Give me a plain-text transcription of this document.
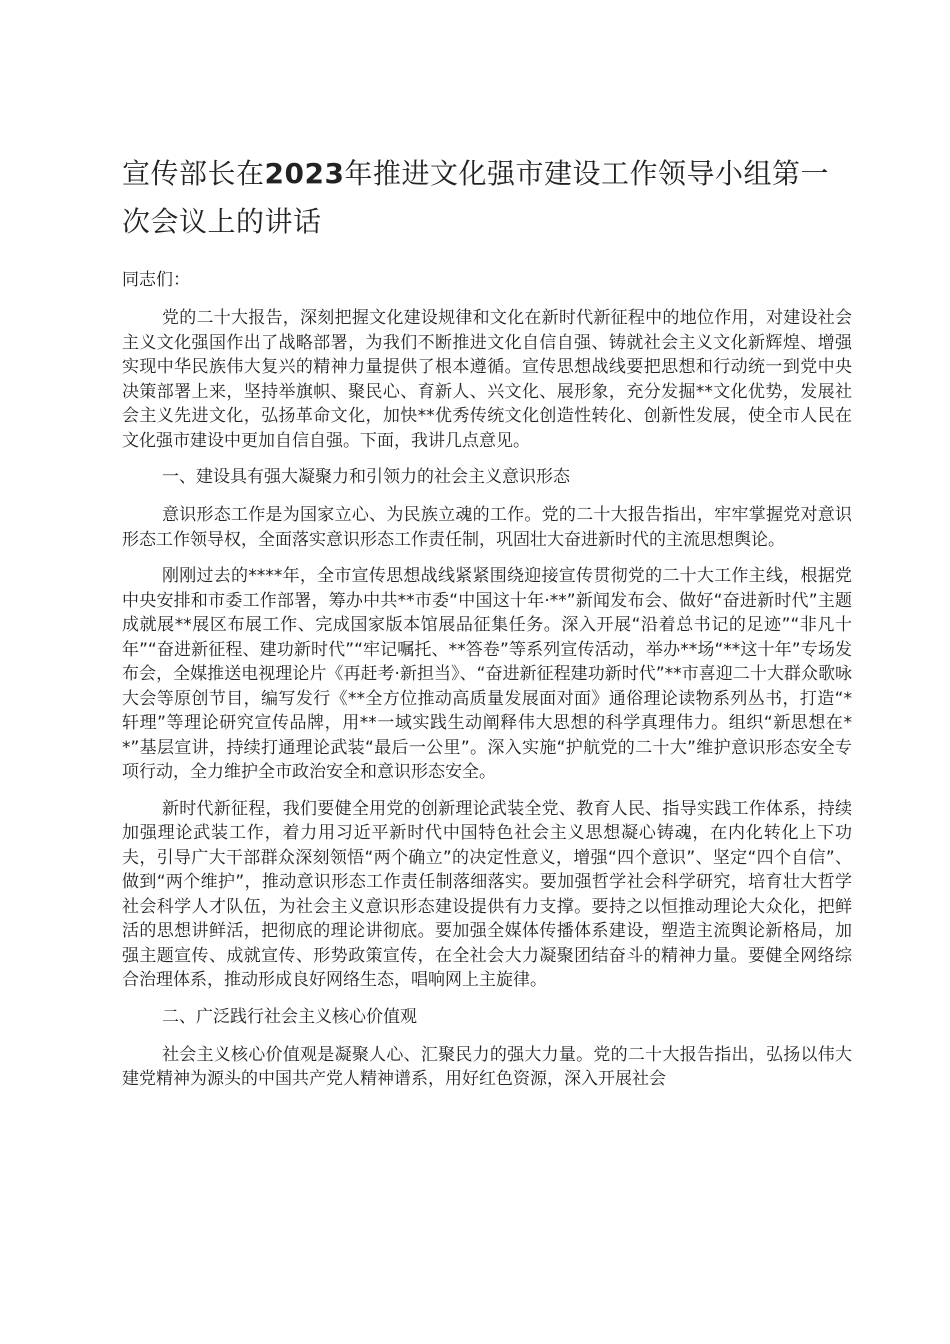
宣传部长在2023年推进文化强市建设工作领导小组第一次会议上的讲话

同志们：

党的二十大报告，深刻把握文化建设规律和文化在新时代新征程中的地位作用，对建设社会主义文化强国作出了战略部署，为我们不断推进文化自信自强、铸就社会主义文化新辉煌、增强实现中华民族伟大复兴的精神力量提供了根本遵循。宣传思想战线要把思想和行动统一到党中央决策部署上来，坚持举旗帜、聚民心、育新人、兴文化、展形象，充分发掘**文化优势，发展社会主义先进文化，弘扬革命文化，加快**优秀传统文化创造性转化、创新性发展，使全市人民在文化强市建设中更加自信自强。下面，我讲几点意见。

一、建设具有强大凝聚力和引领力的社会主义意识形态

意识形态工作是为国家立心、为民族立魂的工作。党的二十大报告指出，牢牢掌握党对意识形态工作领导权，全面落实意识形态工作责任制，巩固壮大奋进新时代的主流思想舆论。

刚刚过去的****年，全市宣传思想战线紧紧围绕迎接宣传贯彻党的二十大工作主线，根据党中央安排和市委工作部署，筹办中共**市委“中国这十年·**”新闻发布会、做好“奋进新时代”主题成就展**展区布展工作、完成国家版本馆展品征集任务。深入开展“沿着总书记的足迹”“非凡十年”“奋进新征程、建功新时代”“牢记嘱托、**答卷”等系列宣传活动，举办**场“**这十年”专场发布会，全媒推送电视理论片《再赶考·新担当》、“奋进新征程建功新时代”**市喜迎二十大群众歌咏大会等原创节目，编写发行《**全方位推动高质量发展面对面》通俗理论读物系列丛书，打造“*轩理”等理论研究宣传品牌，用**一域实践生动阐释伟大思想的科学真理伟力。组织“新思想在**”基层宣讲，持续打通理论武装“最后一公里”。深入实施“护航党的二十大”维护意识形态安全专项行动，全力维护全市政治安全和意识形态安全。

新时代新征程，我们要健全用党的创新理论武装全党、教育人民、指导实践工作体系，持续加强理论武装工作，着力用习近平新时代中国特色社会主义思想凝心铸魂，在内化转化上下功夫，引导广大干部群众深刻领悟“两个确立”的决定性意义，增强“四个意识”、坚定“四个自信”、做到“两个维护”，推动意识形态工作责任制落细落实。要加强哲学社会科学研究，培育壮大哲学社会科学人才队伍，为社会主义意识形态建设提供有力支撑。要持之以恒推动理论大众化，把鲜活的思想讲鲜活，把彻底的理论讲彻底。要加强全媒体传播体系建设，塑造主流舆论新格局，加强主题宣传、成就宣传、形势政策宣传，在全社会大力凝聚团结奋斗的精神力量。要健全网络综合治理体系，推动形成良好网络生态，唱响网上主旋律。

二、广泛践行社会主义核心价值观

社会主义核心价值观是凝聚人心、汇聚民力的强大力量。党的二十大报告指出，弘扬以伟大建党精神为源头的中国共产党人精神谱系，用好红色资源，深入开展社会
